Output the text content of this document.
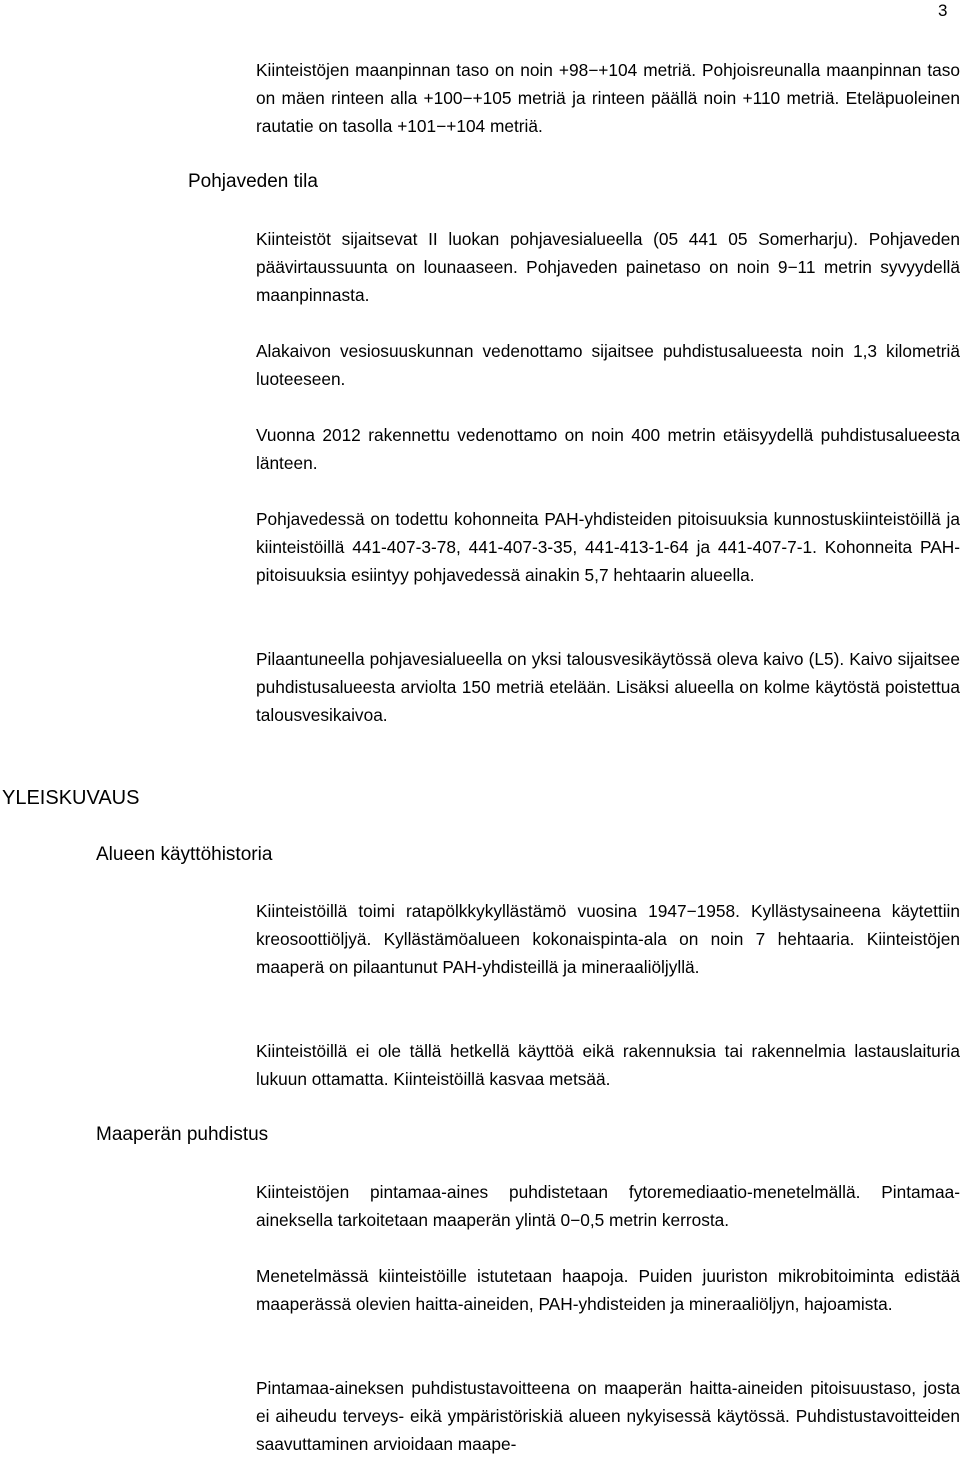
3

Kiinteistöjen maanpinnan taso on noin +98−+104 metriä. Pohjoisreunalla maanpinnan taso on mäen rinteen alla +100−+105 metriä ja rinteen päällä noin +110 metriä. Eteläpuoleinen rautatie on tasolla +101−+104 metriä.

Pohjaveden tila

Kiinteistöt sijaitsevat II luokan pohjavesialueella (05 441 05 Somerharju). Pohjaveden päävirtaussuunta on lounaaseen. Pohjaveden painetaso on noin 9−11 metrin syvyydellä maanpinnasta.

Alakaivon vesiosuuskunnan vedenottamo sijaitsee puhdistusalueesta noin 1,3 kilometriä luoteeseen.

Vuonna 2012 rakennettu vedenottamo on noin 400 metrin etäisyydellä puhdistusalueesta länteen.

Pohjavedessä on todettu kohonneita PAH-yhdisteiden pitoisuuksia kunnostuskiinteistöillä ja kiinteistöillä 441-407-3-78, 441-407-3-35, 441-413-1-64 ja 441-407-7-1. Kohonneita PAH-pitoisuuksia esiintyy pohjavedessä ainakin 5,7 hehtaarin alueella.

Pilaantuneella pohjavesialueella on yksi talousvesikäytössä oleva kaivo (L5). Kaivo sijaitsee puhdistusalueesta arviolta 150 metriä etelään. Lisäksi alueella on kolme käytöstä poistettua talousvesikaivoa.

YLEISKUVAUS
Alueen käyttöhistoria

Kiinteistöillä toimi ratapölkkykyllästämö vuosina 1947−1958. Kyllästysaineena käytettiin kreosoottiöljyä. Kyllästämöalueen kokonaispinta-ala on noin 7 hehtaaria. Kiinteistöjen maaperä on pilaantunut PAH-yhdisteillä ja mineraaliöljyllä.

Kiinteistöillä ei ole tällä hetkellä käyttöä eikä rakennuksia tai rakennelmia lastauslaituria lukuun ottamatta. Kiinteistöillä kasvaa metsää.

Maaperän puhdistus

Kiinteistöjen pintamaa-aines puhdistetaan fytoremediaatio-menetelmällä. Pintamaa-aineksella tarkoitetaan maaperän ylintä 0−0,5 metrin kerrosta.

Menetelmässä kiinteistöille istutetaan haapoja. Puiden juuriston mikrobitoiminta edistää maaperässä olevien haitta-aineiden, PAH-yhdisteiden ja mineraaliöljyn, hajoamista.

Pintamaa-aineksen puhdistustavoitteena on maaperän haitta-aineiden pitoisuustaso, josta ei aiheudu terveys- eikä ympäristöriskiä alueen nykyisessä käytössä. Puhdistustavoitteiden saavuttaminen arvioidaan maape-
